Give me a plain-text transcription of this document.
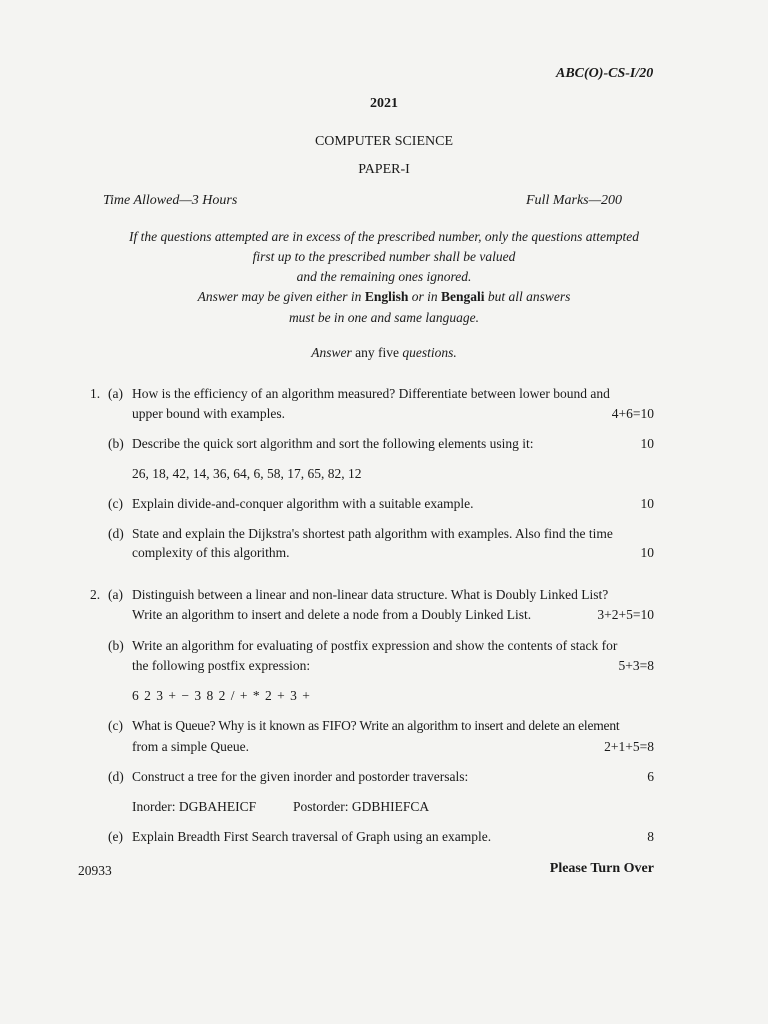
ABC(O)-CS-I/20
2021
COMPUTER SCIENCE
PAPER-I
Time Allowed—3 Hours	Full Marks—200
If the questions attempted are in excess of the prescribed number, only the questions attempted
first up to the prescribed number shall be valued
and the remaining ones ignored.
Answer may be given either in English or in Bengali but all answers
must be in one and same language.
Answer any five questions.
1. (a) How is the efficiency of an algorithm measured? Differentiate between lower bound and
upper bound with examples.	4+6=10
(b) Describe the quick sort algorithm and sort the following elements using it:	10
26, 18, 42, 14, 36, 64, 6, 58, 17, 65, 82, 12
(c) Explain divide-and-conquer algorithm with a suitable example.	10
(d) State and explain the Dijkstra's shortest path algorithm with examples. Also find the time
complexity of this algorithm.	10
2. (a) Distinguish between a linear and non-linear data structure. What is Doubly Linked List?
Write an algorithm to insert and delete a node from a Doubly Linked List.	3+2+5=10
(b) Write an algorithm for evaluating of postfix expression and show the contents of stack for
the following postfix expression:	5+3=8
6 2 3 + − 3 8 2 / + * 2 + 3 +
(c) What is Queue? Why is it known as FIFO? Write an algorithm to insert and delete an element
from a simple Queue.	2+1+5=8
(d) Construct a tree for the given inorder and postorder traversals:	6
Inorder: DGBAHEICF	Postorder: GDBHIEFCA
(e) Explain Breadth First Search traversal of Graph using an example.	8
20933	Please Turn Over
